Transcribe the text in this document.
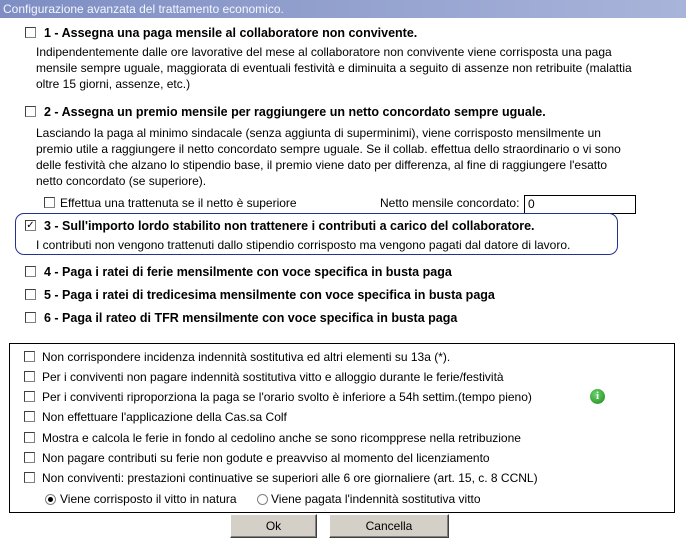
Configurazione avanzata del trattamento economico.
1 - Assegna una paga mensile al collaboratore non convivente.
Indipendentemente dalle ore lavorative del mese al collaboratore non convivente viene corrisposta una paga
mensile sempre uguale, maggiorata di eventuali festività e diminuita a seguito di assenze non retribuite (malattia
oltre 15 giorni, assenze, etc.)
2 - Assegna un premio mensile per raggiungere un netto concordato sempre uguale.
Lasciando la paga al minimo sindacale (senza aggiunta di superminimi), viene corrisposto mensilmente un
premio utile a raggiungere il netto concordato sempre uguale. Se il collab. effettua dello straordinario o vi sono
delle festività che alzano lo stipendio base, il premio viene dato per differenza, al fine di raggiungere l'esatto
netto concordato (se superiore).
Effettua una trattenuta se il netto è superiore	Netto mensile concordato: 0
✓ 3 - Sull'importo lordo stabilito non trattenere i contributi a carico del collaboratore.
I contributi non vengono trattenuti dallo stipendio corrisposto ma vengono pagati dal datore di lavoro.
4 - Paga i ratei di ferie mensilmente con voce specifica in busta paga
5 - Paga i ratei di tredicesima mensilmente con voce specifica in busta paga
6 - Paga il rateo di TFR mensilmente con voce specifica in busta paga
Non corrispondere incidenza indennità sostitutiva ed altri elementi su 13a (*).
Per i conviventi non pagare indennità sostitutiva vitto e alloggio durante le ferie/festività
Per i conviventi riproporziona la paga se l'orario svolto è inferiore a 54h settim.(tempo pieno)	i
Non effettuare l'applicazione della Cas.sa Colf
Mostra e calcola le ferie in fondo al cedolino anche se sono ricompprese nella retribuzione
Non pagare contributi su ferie non godute e preavviso al momento del licenziamento
Non conviventi: prestazioni continuative se superiori alle 6 ore giornaliere (art. 15, c. 8 CCNL)
Viene corrisposto il vitto in natura	Viene pagata l'indennità sostitutiva vitto
Ok	Cancella
